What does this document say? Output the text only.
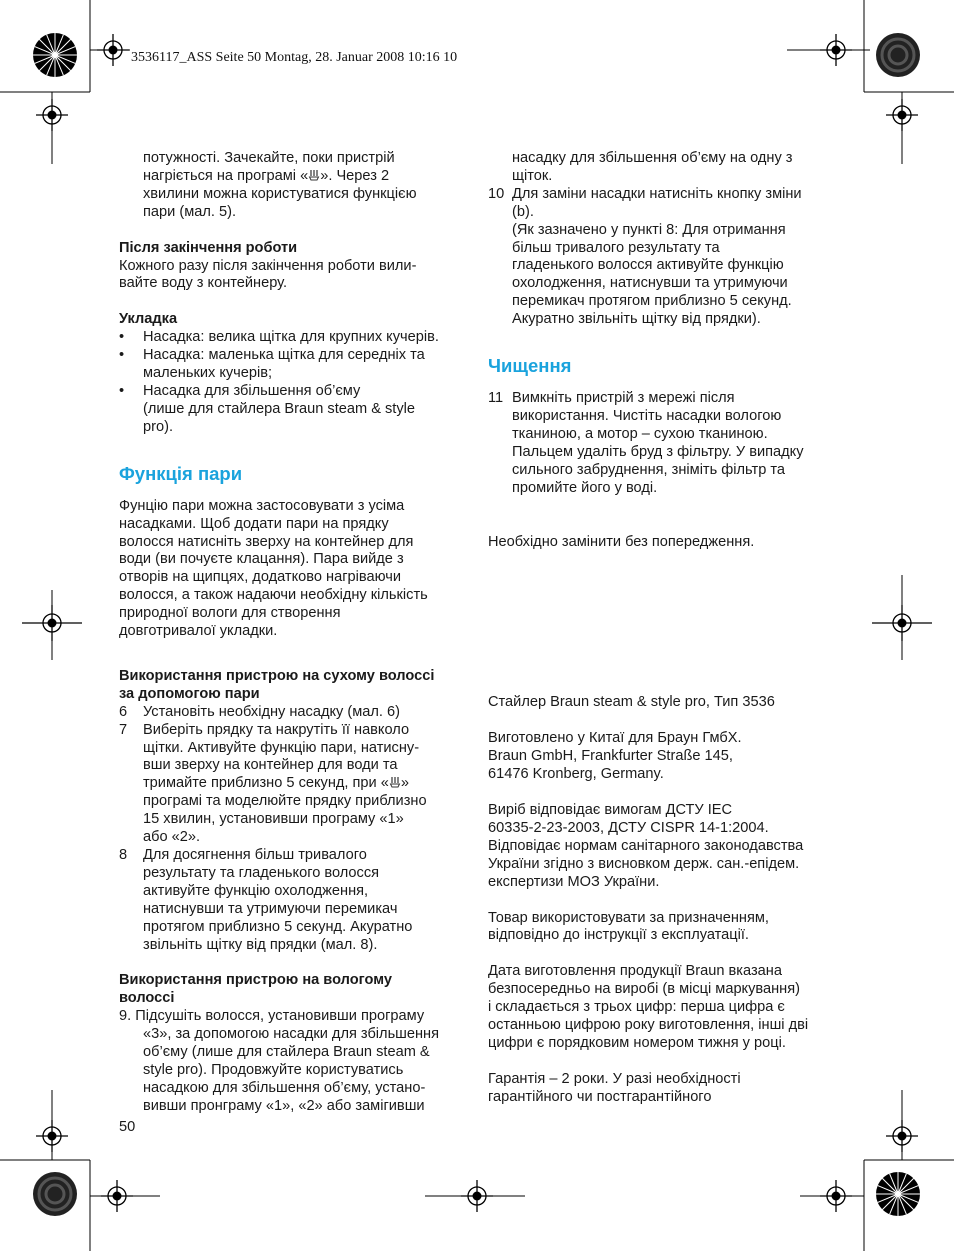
3536117_ASS Seite 50 Montag, 28. Januar 2008 10:16 10

потужності. Зачекайте, поки пристрій

нагріється на програмі « ». Через 2

хвилини можна користуватися функцією

пари (мал. 5).

Після закінчення роботи

Кожного разу після закінчення роботи вили-

вайте воду з контейнеру.

Укладка

• Насадка: велика щітка для крупних кучерів.
• Насадка: маленька щітка для середніх та
маленьких кучерів;
• Насадка для збільшення об’єму
(лише для стайлера Braun steam & style
pro).

Функція пари

Фунцію пари можна застосовувати з усіма

насадками. Щоб додати пари на прядку

волосся натисніть зверху на контейнер для

води (ви почуєте клацання). Пара вийде з

отворів на щипцях, додатково нагріваючи

волосся, а також надаючи необхідну кількість

природної вологи для створення

довготривалої укладки.

Використання пристрою на сухому волоссі

за допомогою пари

6 Установіть необхідну насадку (мал. 6)
7 Виберіть прядку та накрутіть її навколо
щітки. Активуйте функцію пари, натисну-
вши зверху на контейнер для води та
тримайте приблизно 5 секунд, при « »
програмі та моделюйте прядку приблизно
15 хвилин, установивши програму «1»
або «2».
8 Для досягнення більш тривалого
результату та гладенького волосся
активуйте функцію охолодження,
натиснувши та утримуючи перемикач
протягом приблизно 5 секунд. Акуратно
звільніть щітку від прядки (мал. 8).

Використання пристрою на вологому

волоссі

9. Підсушіть волосся, установивши програму

«3», за допомогою насадки для збільшення

об’єму (лише для стайлера Braun steam &

style pro). Продовжуйте користуватись

насадкою для збільшення об’єму, устано-

вивши пронграму «1», «2» або замігивши

насадку для збільшення об’єму на одну з

щіток.

10 Для заміни насадки натисніть кнопку зміни
(b).
(Як зазначено у пункті 8: Для отримання
більш тривалого результату та
гладенького волосся активуйте функцію
охолодження, натиснувши та утримуючи
перемикач протягом приблизно 5 секунд.
Акуратно звільніть щітку від прядки).

Чищення

11 Вимкніть пристрій з мережі після
використання. Чистіть насадки вологою
тканиною, а мотор – сухою тканиною.
Пальцем удаліть бруд з фільтру. У випадку
сильного забруднення, зніміть фільтр та
промийте його у воді.

Необхідно замінити без попередження.

Стайлер Braun steam & style pro, Тип 3536

Виготовлено у Китаї для Браун ГмбХ.

Braun GmbH, Frankfurter Straße 145,

61476 Kronberg, Germany.

Виріб відповідає вимогам ДСТУ IEC

60335-2-23-2003, ДСТУ CISPR 14-1:2004.

Відповідає нормам санітарного законодавства

України згідно з висновком держ. сан.-епідем.

експертизи МОЗ України.

Товар використовувати за призначенням,

відповідно до інструкції з експлуатації.

Дата виготовлення продукції Braun вказана

безпосередньо на виробі (в місці маркування)

і складається з трьох цифр: перша цифра є

останньою цифрою року виготовлення, інші дві

цифри є порядковим номером тижня у році.

Гарантія – 2 роки. У разі необхідності

гарантійного чи постгарантійного

50
